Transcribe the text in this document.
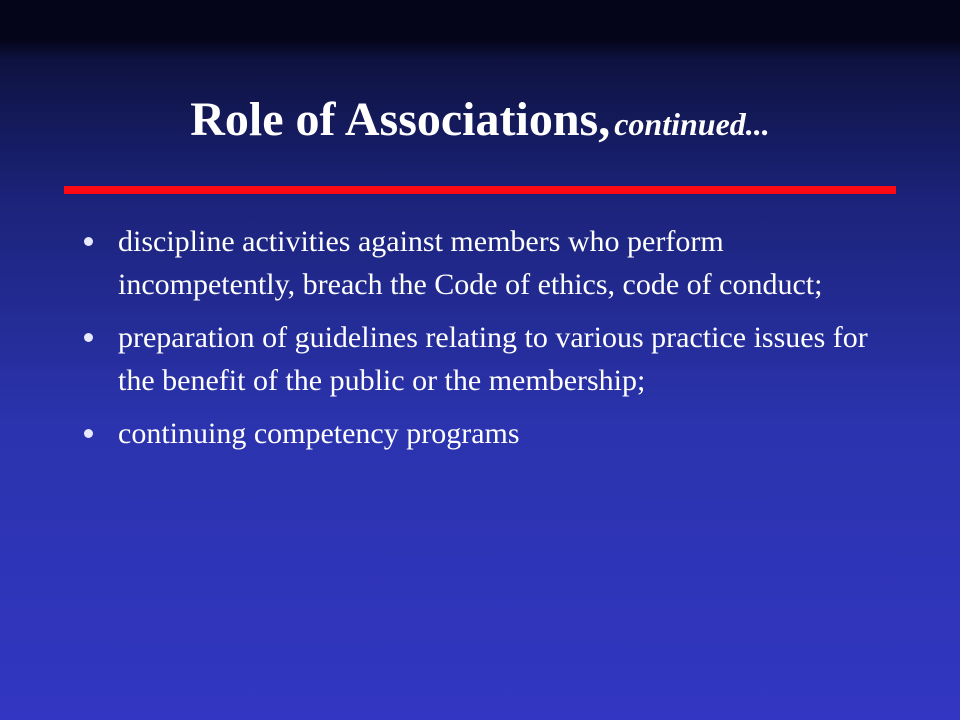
Role of Associations, continued...
discipline activities against members who perform incompetently, breach the Code of ethics, code of conduct;
preparation of guidelines relating to various practice issues for the benefit of the public or the membership;
continuing competency programs
